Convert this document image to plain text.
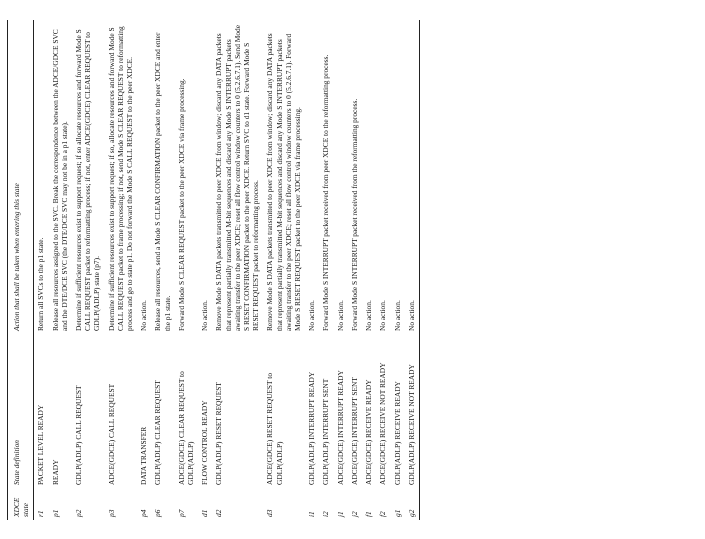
XDCE state	State definition	Action that shall be taken when entering this state
r1	PACKET LEVEL READY	Return all SVCs to the p1 state.
p1	READY	Release all resources assigned to the SVC. Break the correspondence between the ADCE/GDCE SVC and the DTE/DCE SVC (the DTE/DCE SVC may not be in a p1 state).
p2	GDLP(ADLP) CALL REQUEST	Determine if sufficient resources exist to support request; if so allocate resources and forward Mode S CALL REQUEST packet to reformatting process; if not, enter ADCE(GDCE) CLEAR REQUEST to GDLP(ADLP) state (p7).
p3	ADCE(GDCE) CALL REQUEST	Determine if sufficient resources exist to support request; if so, allocate resources and forward Mode S CALL REQUEST packet to frame processing; if not, send Mode S CLEAR REQUEST to reformatting process and go to state p1. Do not forward the Mode S CALL REQUEST to the peer XDCE.
p4	DATA TRANSFER	No action.
p6	GDLP(ADLP) CLEAR REQUEST	Release all resources, send a Mode S CLEAR CONFIRMATION packet to the peer XDCE and enter the p1 state.
p7	ADCE(GDCE) CLEAR REQUEST to GDLP(ADLP)	Forward Mode S CLEAR REQUEST packet to the peer XDCE via frame processing.
d1	FLOW CONTROL READY	No action.
d2	GDLP(ADLP) RESET REQUEST	Remove Mode S DATA packets transmitted to peer XDCE from window; discard any DATA packets that represent partially transmitted M-bit sequences and discard any Mode S INTERRUPT packets awaiting transfer to the peer XDCE; reset all flow control window counters to 0 (5.2.6.7.1). Send Mode S RESET CONFIRMATION packet to the peer XDCE. Return SVC to d1 state. Forward Mode S RESET REQUEST packet to reformatting process.
d3	ADCE(GDCE) RESET REQUEST to GDLP(ADLP)	Remove Mode S DATA packets transmitted to peer XDCE from window; discard any DATA packets that represent partially transmitted M-bit sequences and discard any Mode S INTERRUPT packets awaiting transfer to the peer XDCE; reset all flow control window counters to 0 (5.2.6.7.1). Forward Mode S RESET REQUEST packet to the peer XDCE via frame processing.
i1	GDLP(ADLP) INTERRUPT READY	No action.
i2	GDLP(ADLP) INTERRUPT SENT	Forward Mode S INTERRUPT packet received from peer XDCE to the reformatting process.
j1	ADCE(GDCE) INTERRUPT READY	No action.
j2	ADCE(GDCE) INTERRUPT SENT	Forward Mode S INTERRUPT packet received from the reformatting process.
f1	ADCE(GDCE) RECEIVE READY	No action.
f2	ADCE(GDCE) RECEIVE NOT READY	No action.
g1	GDLP(ADLP) RECEIVE READY	No action.
g2	GDLP(ADLP) RECEIVE NOT READY	No action.
